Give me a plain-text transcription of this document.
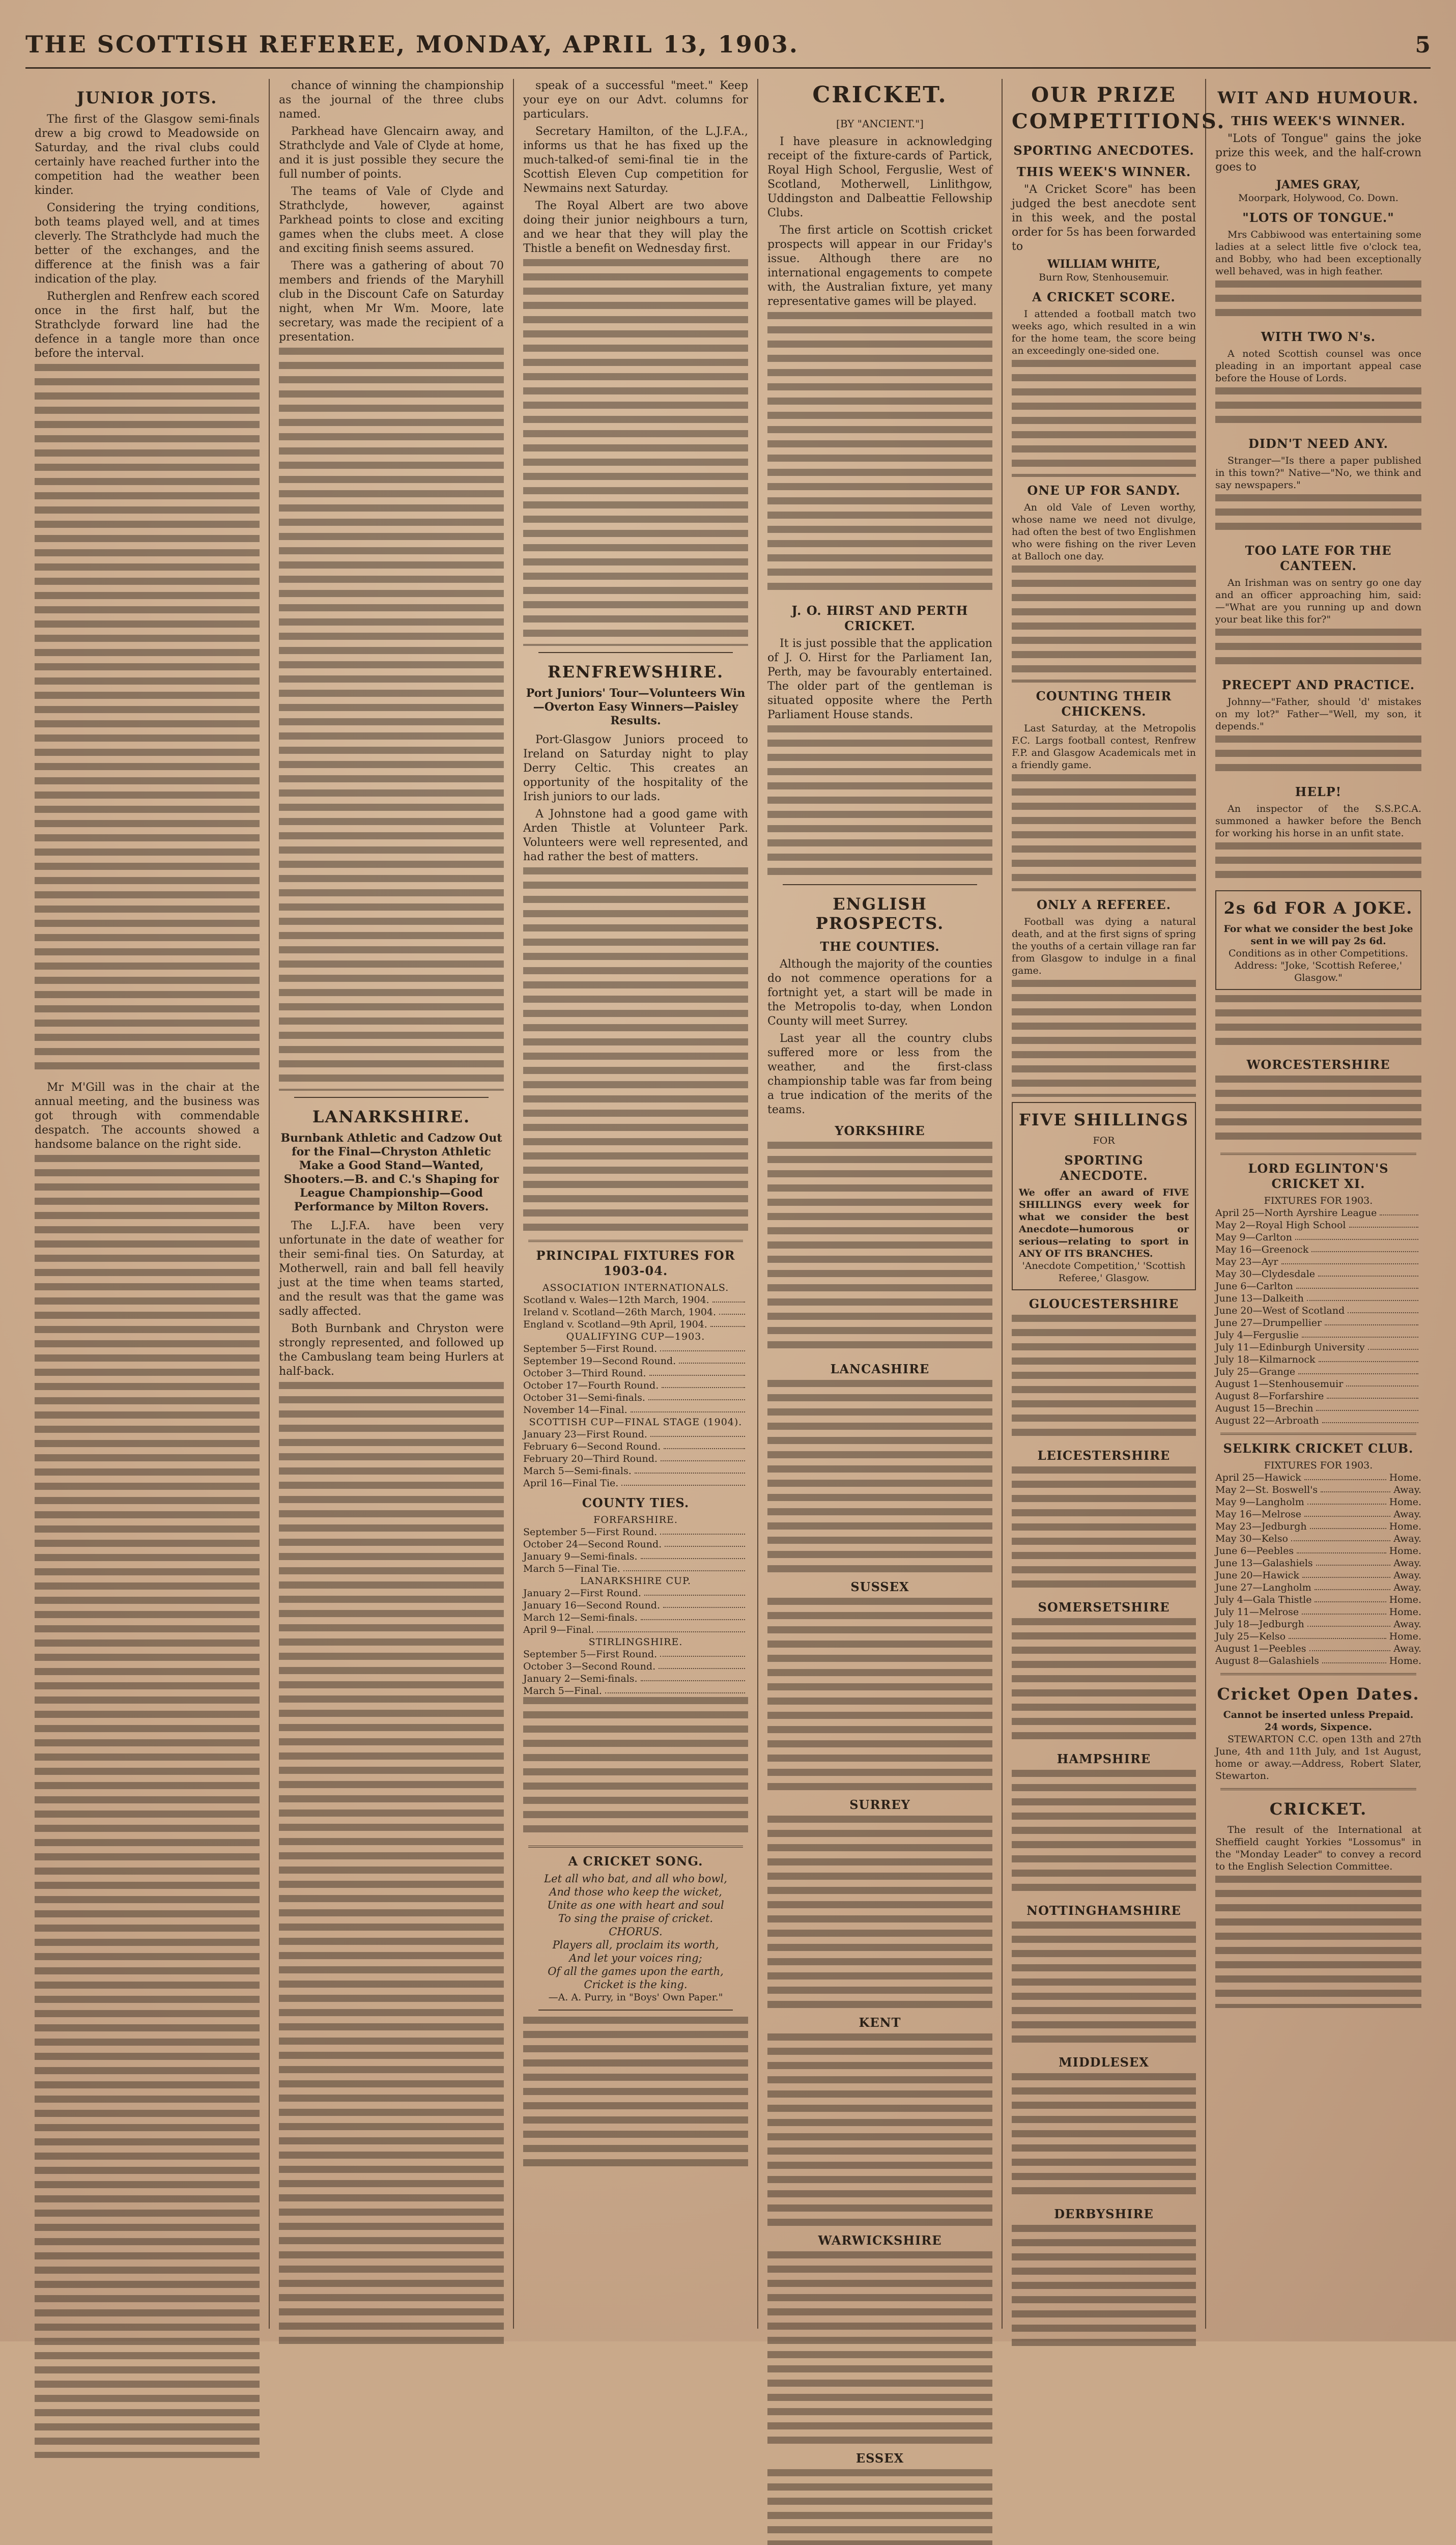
THE SCOTTISH REFEREE, MONDAY, APRIL 13, 1903.	5
JUNIOR JOTS.

The first of the Glasgow semi-finals drew a big crowd to Meadowside on Saturday, and the rival clubs could certainly have reached further into the competition had the weather been kinder.

Considering the trying conditions, both teams played well, and at times cleverly. The Strathclyde had much the better of the exchanges, and the difference at the finish was a fair indication of the play.

Rutherglen and Renfrew each scored once in the first half, but the Strathclyde forward line had the defence in a tangle more than once before the interval.

Mr M'Gill was in the chair at the annual meeting, and the business was got through with commendable despatch. The accounts showed a handsome balance on the right side.

chance of winning the championship as the journal of the three clubs named.

Parkhead have Glencairn away, and Strathclyde and Vale of Clyde at home, and it is just possible they secure the full number of points.

The teams of Vale of Clyde and Strathclyde, however, against Parkhead points to close and exciting games when the clubs meet. A close and exciting finish seems assured.

There was a gathering of about 70 members and friends of the Maryhill club in the Discount Cafe on Saturday night, when Mr Wm. Moore, late secretary, was made the recipient of a presentation.

LANARKSHIRE.
Burnbank Athletic and Cadzow Out for the Final—Chryston Athletic Make a Good Stand—Wanted, Shooters.—B. and C.'s Shaping for League Championship—Good Performance by Milton Rovers.

The L.J.F.A. have been very unfortunate in the date of weather for their semi-final ties. On Saturday, at Motherwell, rain and ball fell heavily just at the time when teams started, and the result was that the game was sadly affected.

Both Burnbank and Chryston were strongly represented, and followed up the Cambuslang team being Hurlers at half-back.

speak of a successful "meet." Keep your eye on our Advt. columns for particulars.

Secretary Hamilton, of the L.J.F.A., informs us that he has fixed up the much-talked-of semi-final tie in the Scottish Eleven Cup competition for Newmains next Saturday.

The Royal Albert are two above doing their junior neighbours a turn, and we hear that they will play the Thistle a benefit on Wednesday first.

RENFREWSHIRE.
Port Juniors' Tour—Volunteers Win—Overton Easy Winners—Paisley Results.

Port-Glasgow Juniors proceed to Ireland on Saturday night to play Derry Celtic. This creates an opportunity of the hospitality of the Irish juniors to our lads.

A Johnstone had a good game with Arden Thistle at Volunteer Park. Volunteers were well represented, and had rather the best of matters.

PRINCIPAL FIXTURES FOR 1903-04.
ASSOCIATION INTERNATIONALS.
Scotland v. Wales—12th March, 1904.
Ireland v. Scotland—26th March, 1904.
England v. Scotland—9th April, 1904.
QUALIFYING CUP—1903.
September 5—First Round.
September 19—Second Round.
October 3—Third Round.
October 17—Fourth Round.
October 31—Semi-finals.
November 14—Final.
SCOTTISH CUP—FINAL STAGE (1904).
January 23—First Round.
February 6—Second Round.
February 20—Third Round.
March 5—Semi-finals.
April 16—Final Tie.
COUNTY TIES.
FORFARSHIRE.
September 5—First Round.
October 24—Second Round.
January 9—Semi-finals.
March 5—Final Tie.
LANARKSHIRE CUP.
January 2—First Round.
January 16—Second Round.
March 12—Semi-finals.
April 9—Final.
STIRLINGSHIRE.
September 5—First Round.
October 3—Second Round.
January 2—Semi-finals.
March 5—Final.
A CRICKET SONG.
Let all who bat, and all who bowl,
And those who keep the wicket,
Unite as one with heart and soul
To sing the praise of cricket.
CHORUS.
Players all, proclaim its worth,
And let your voices ring;
Of all the games upon the earth,
Cricket is the king.
—A. A. Purry, in "Boys' Own Paper."
CRICKET.
[BY "ANCIENT."]

I have pleasure in acknowledging receipt of the fixture-cards of Partick, Royal High School, Ferguslie, West of Scotland, Motherwell, Linlithgow, Uddingston and Dalbeattie Fellowship Clubs.

The first article on Scottish cricket prospects will appear in our Friday's issue. Although there are no international engagements to compete with, the Australian fixture, yet many representative games will be played.

J. O. HIRST AND PERTH CRICKET.

It is just possible that the application of J. O. Hirst for the Parliament Ian, Perth, may be favourably entertained. The older part of the gentleman is situated opposite where the Perth Parliament House stands.

ENGLISH PROSPECTS.
THE COUNTIES.

Although the majority of the counties do not commence operations for a fortnight yet, a start will be made in the Metropolis to-day, when London County will meet Surrey.

Last year all the country clubs suffered more or less from the weather, and the first-class championship table was far from being a true indication of the merits of the teams.

YORKSHIRE
LANCASHIRE
SUSSEX
SURREY
KENT
WARWICKSHIRE
ESSEX
OUR PRIZE COMPETITIONS.
SPORTING ANECDOTES.
THIS WEEK'S WINNER.

"A Cricket Score" has been judged the best anecdote sent in this week, and the postal order for 5s has been forwarded to

WILLIAM WHITE,
Burn Row, Stenhousemuir.
A CRICKET SCORE.

I attended a football match two weeks ago, which resulted in a win for the home team, the score being an exceedingly one-sided one.

ONE UP FOR SANDY.

An old Vale of Leven worthy, whose name we need not divulge, had often the best of two Englishmen who were fishing on the river Leven at Balloch one day.

COUNTING THEIR CHICKENS.

Last Saturday, at the Metropolis F.C. Largs football contest, Renfrew F.P. and Glasgow Academicals met in a friendly game.

ONLY A REFEREE.

Football was dying a natural death, and at the first signs of spring the youths of a certain village ran far from Glasgow to indulge in a final game.

FIVE SHILLINGS
FOR
SPORTING ANECDOTE.
We offer an award of FIVE SHILLINGS every week for what we consider the best Anecdote—humorous or serious—relating to sport in ANY OF ITS BRANCHES.
'Anecdote Competition,' 'Scottish Referee,' Glasgow.
GLOUCESTERSHIRE
LEICESTERSHIRE
SOMERSETSHIRE
HAMPSHIRE
NOTTINGHAMSHIRE
MIDDLESEX
DERBYSHIRE
WIT AND HUMOUR.
THIS WEEK'S WINNER.

"Lots of Tongue" gains the joke prize this week, and the half-crown goes to

JAMES GRAY,
Moorpark, Holywood, Co. Down.
"LOTS OF TONGUE."

Mrs Cabbiwood was entertaining some ladies at a select little five o'clock tea, and Bobby, who had been exceptionally well behaved, was in high feather.

WITH TWO N's.

A noted Scottish counsel was once pleading in an important appeal case before the House of Lords.

DIDN'T NEED ANY.

Stranger—"Is there a paper published in this town?" Native—"No, we think and say newspapers."

TOO LATE FOR THE CANTEEN.

An Irishman was on sentry go one day and an officer approaching him, said:—"What are you running up and down your beat like this for?"

PRECEPT AND PRACTICE.

Johnny—"Father, should 'd' mistakes on my lot?" Father—"Well, my son, it depends."

HELP!

An inspector of the S.S.P.C.A. summoned a hawker before the Bench for working his horse in an unfit state.

2s 6d FOR A JOKE.
For what we consider the best Joke sent in we will pay 2s 6d.
Conditions as in other Competitions. Address: "Joke, 'Scottish Referee,' Glasgow."
WORCESTERSHIRE
LORD EGLINTON'S CRICKET XI.
FIXTURES FOR 1903.
April 25—North Ayrshire League
May 2—Royal High School
May 9—Carlton
May 16—Greenock
May 23—Ayr
May 30—Clydesdale
June 6—Carlton
June 13—Dalkeith
June 20—West of Scotland
June 27—Drumpellier
July 4—Ferguslie
July 11—Edinburgh University
July 18—Kilmarnock
July 25—Grange
August 1—Stenhousemuir
August 8—Forfarshire
August 15—Brechin
August 22—Arbroath
SELKIRK CRICKET CLUB.
FIXTURES FOR 1903.
April 25—Hawick	Home.
May 2—St. Boswell's	Away.
May 9—Langholm	Home.
May 16—Melrose	Away.
May 23—Jedburgh	Home.
May 30—Kelso	Away.
June 6—Peebles	Home.
June 13—Galashiels	Away.
June 20—Hawick	Away.
June 27—Langholm	Away.
July 4—Gala Thistle	Home.
July 11—Melrose	Home.
July 18—Jedburgh	Away.
July 25—Kelso	Home.
August 1—Peebles	Away.
August 8—Galashiels	Home.
Cricket Open Dates.
Cannot be inserted unless Prepaid. 24 words, Sixpence.

STEWARTON C.C. open 13th and 27th June, 4th and 11th July, and 1st August, home or away.—Address, Robert Slater, Stewarton.

CRICKET.

The result of the International at Sheffield caught Yorkies "Lossomus" in the "Monday Leader" to convey a record to the English Selection Committee.
